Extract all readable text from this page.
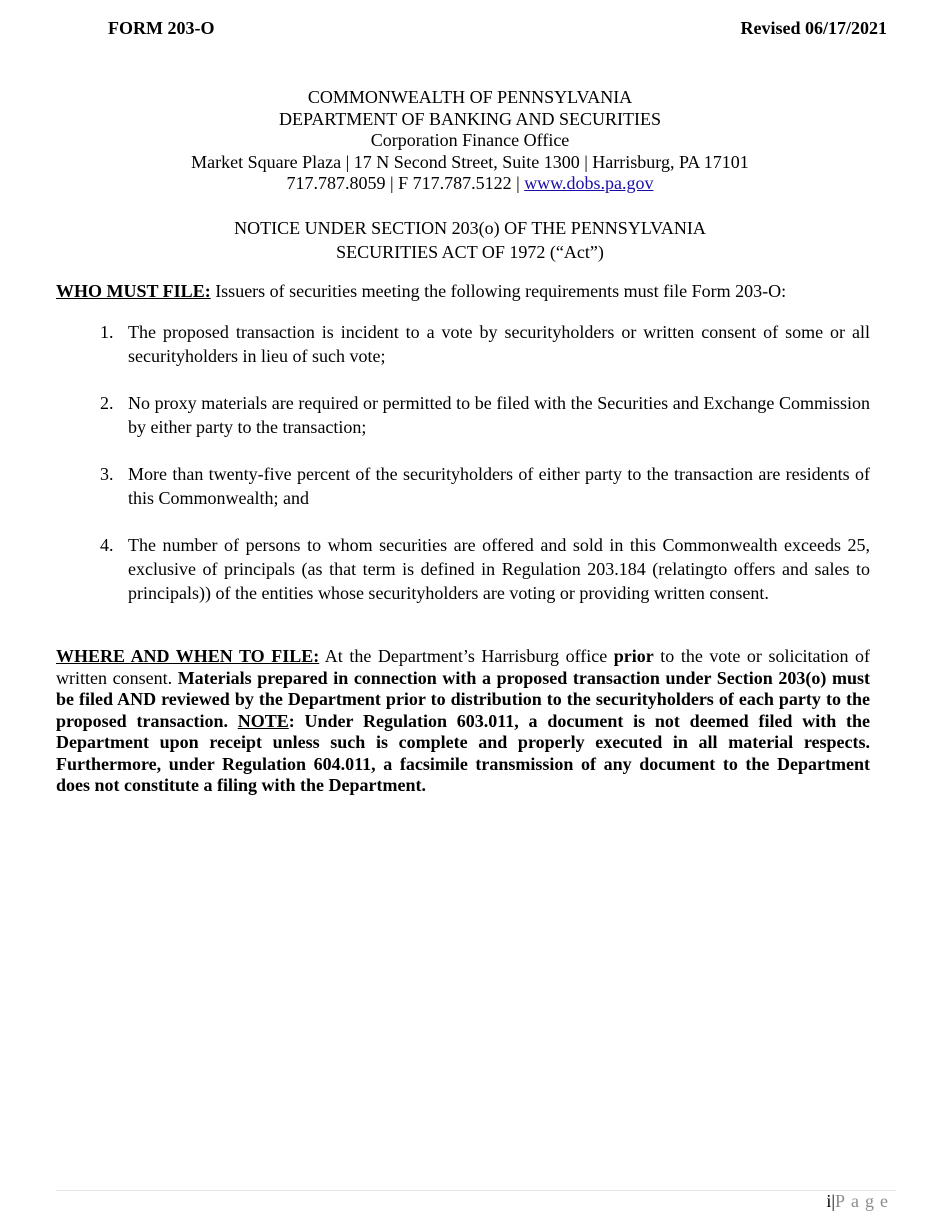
FORM 203-O	Revised 06/17/2021
COMMONWEALTH OF PENNSYLVANIA
DEPARTMENT OF BANKING AND SECURITIES
Corporation Finance Office
Market Square Plaza | 17 N Second Street, Suite 1300 | Harrisburg, PA 17101
717.787.8059 | F 717.787.5122 | www.dobs.pa.gov
NOTICE UNDER SECTION 203(o) OF THE PENNSYLVANIA
SECURITIES ACT OF 1972 (“Act”)
WHO MUST FILE: Issuers of securities meeting the following requirements must file Form 203-O:
1. The proposed transaction is incident to a vote by securityholders or written consent of some or all securityholders in lieu of such vote;
2. No proxy materials are required or permitted to be filed with the Securities and Exchange Commission by either party to the transaction;
3. More than twenty-five percent of the securityholders of either party to the transaction are residents of this Commonwealth; and
4. The number of persons to whom securities are offered and sold in this Commonwealth exceeds 25, exclusive of principals (as that term is defined in Regulation 203.184 (relatingto offers and sales to principals)) of the entities whose securityholders are voting or providing written consent.
WHERE AND WHEN TO FILE: At the Department’s Harrisburg office prior to the vote or solicitation of written consent. Materials prepared in connection with a proposed transaction under Section 203(o) must be filed AND reviewed by the Department prior to distribution to the securityholders of each party to the proposed transaction. NOTE: Under Regulation 603.011, a document is not deemed filed with the Department upon receipt unless such is complete and properly executed in all material respects. Furthermore, under Regulation 604.011, a facsimile transmission of any document to the Department does not constitute a filing with the Department.
i|Page
